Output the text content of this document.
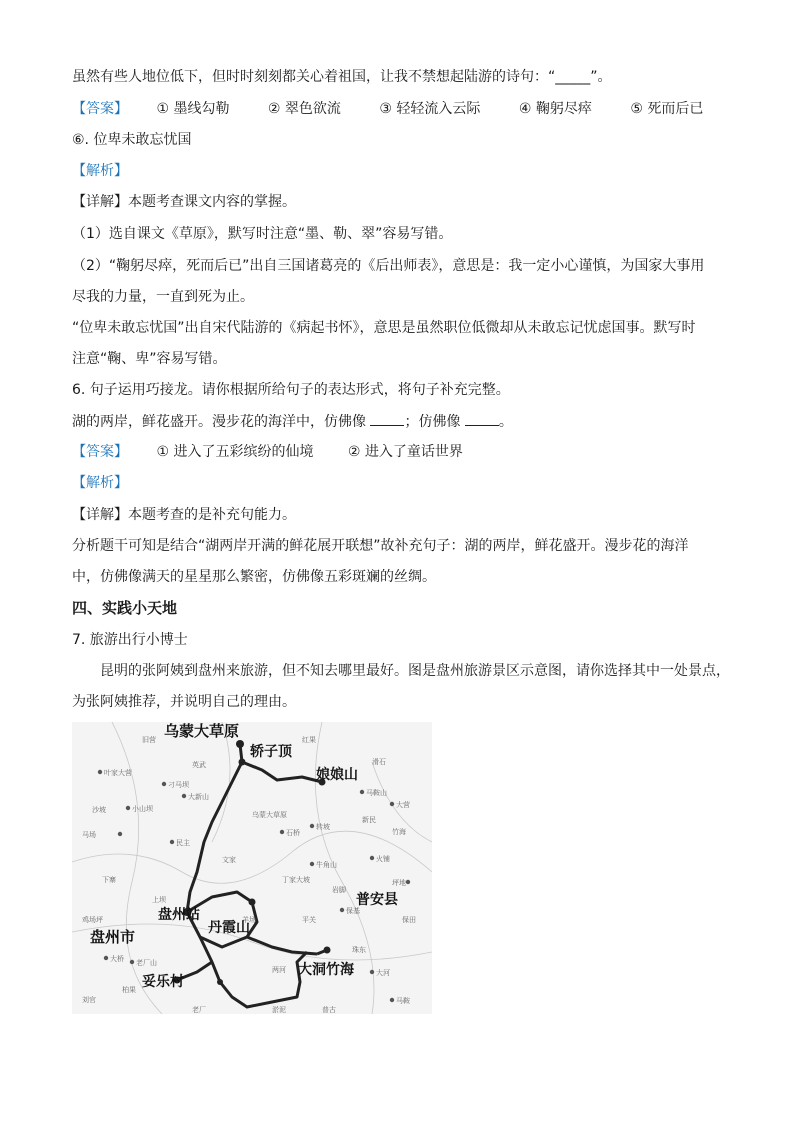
虽然有些人地位低下，但时时刻刻都关心着祖国，让我不禁想起陆游的诗句：“_____”。
【答案】 ① 墨线勾勒	② 翠色欲流	③ 轻轻流入云际	④ 鞠躬尽瘁	⑤ 死而后已
⑥. 位卑未敢忘忧国
【解析】
【详解】本题考查课文内容的掌握。
（1）选自课文《草原》，默写时注意“墨、勒、翠”容易写错。
（2）“鞠躬尽瘁，死而后已”出自三国诸葛亮的《后出师表》，意思是：我一定小心谨慎，为国家大事用
尽我的力量，一直到死为止。
“位卑未敢忘忧国”出自宋代陆游的《病起书怀》，意思是虽然职位低微却从未敢忘记忧虑国事。默写时
注意“鞠、卑”容易写错。
6. 句子运用巧接龙。请你根据所给句子的表达形式，将句子补充完整。
湖的两岸，鲜花盛开。漫步花的海洋中，仿佛像	；仿佛像	。
【答案】 ① 进入了五彩缤纷的仙境 ② 进入了童话世界
【解析】
【详解】本题考查的是补充句能力。
分析题干可知是结合“湖两岸开满的鲜花展开联想”故补充句子：湖的两岸，鲜花盛开。漫步花的海洋
中，仿佛像满天的星星那么繁密，仿佛像五彩斑斓的丝绸。
四、实践小天地
7. 旅游出行小博士
昆明的张阿姨到盘州来旅游，但不知去哪里最好。图是盘州旅游景区示意图，请你选择其中一处景点，
为张阿姨推荐，并说明自己的理由。
叶家大营
小山坝
马场
刁马坝
大新山
转坡
马鞍山
大营
火铺
牛角山
大桥 老厂山
大河
马鞍
民主
保基
石桥
坪地
旧营	红果
乌蒙大草原
文家
下寨
上坝
新民
竹海
丁家大坡
岩脚
柏果
刘官
两河
羊场	平关
淤泥	普古
老厂
鸡场坪	保田
珠东
英武
沙坡
滑石
乌蒙大草原
轿子顶
娘娘山
盘州站
普安县
丹霞山
盘州市
大洞竹海
妥乐村
